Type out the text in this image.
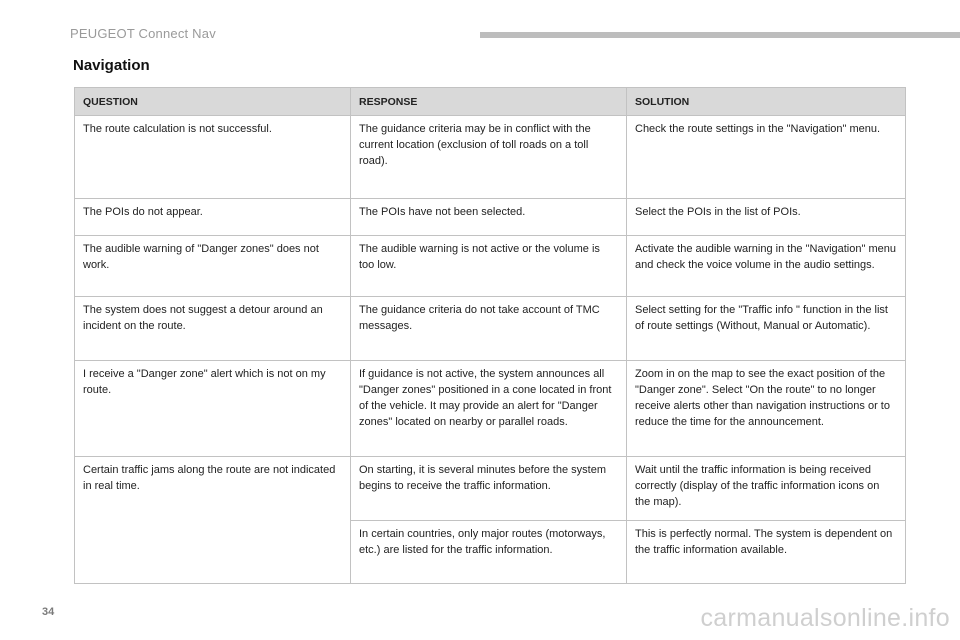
PEUGEOT Connect Nav
Navigation
QUESTION	RESPONSE	SOLUTION
The route calculation is not successful.	The guidance criteria may be in conflict with the current location (exclusion of toll roads on a toll road).	Check the route settings in the "Navigation" menu.
The POIs do not appear.	The POIs have not been selected.	Select the POIs in the list of POIs.
The audible warning of "Danger zones" does not work.	The audible warning is not active or the volume is too low.	Activate the audible warning in the "Navigation" menu and check the voice volume in the audio settings.
The system does not suggest a detour around an incident on the route.	The guidance criteria do not take account of TMC messages.	Select setting for the "Traffic info " function in the list of route settings (Without, Manual or Automatic).
I receive a "Danger zone" alert which is not on my route.	If guidance is not active, the system announces all "Danger zones" positioned in a cone located in front of the vehicle. It may provide an alert for "Danger zones" located on nearby or parallel roads.	Zoom in on the map to see the exact position of the "Danger zone". Select "On the route" to no longer receive alerts other than navigation instructions or to reduce the time for the announcement.
Certain traffic jams along the route are not indicated in real time.	On starting, it is several minutes before the system begins to receive the traffic information.	Wait until the traffic information is being received correctly (display of the traffic information icons on the map).
	In certain countries, only major routes (motorways, etc.) are listed for the traffic information.	This is perfectly normal. The system is dependent on the traffic information available.
34	carmanualsonline.info
